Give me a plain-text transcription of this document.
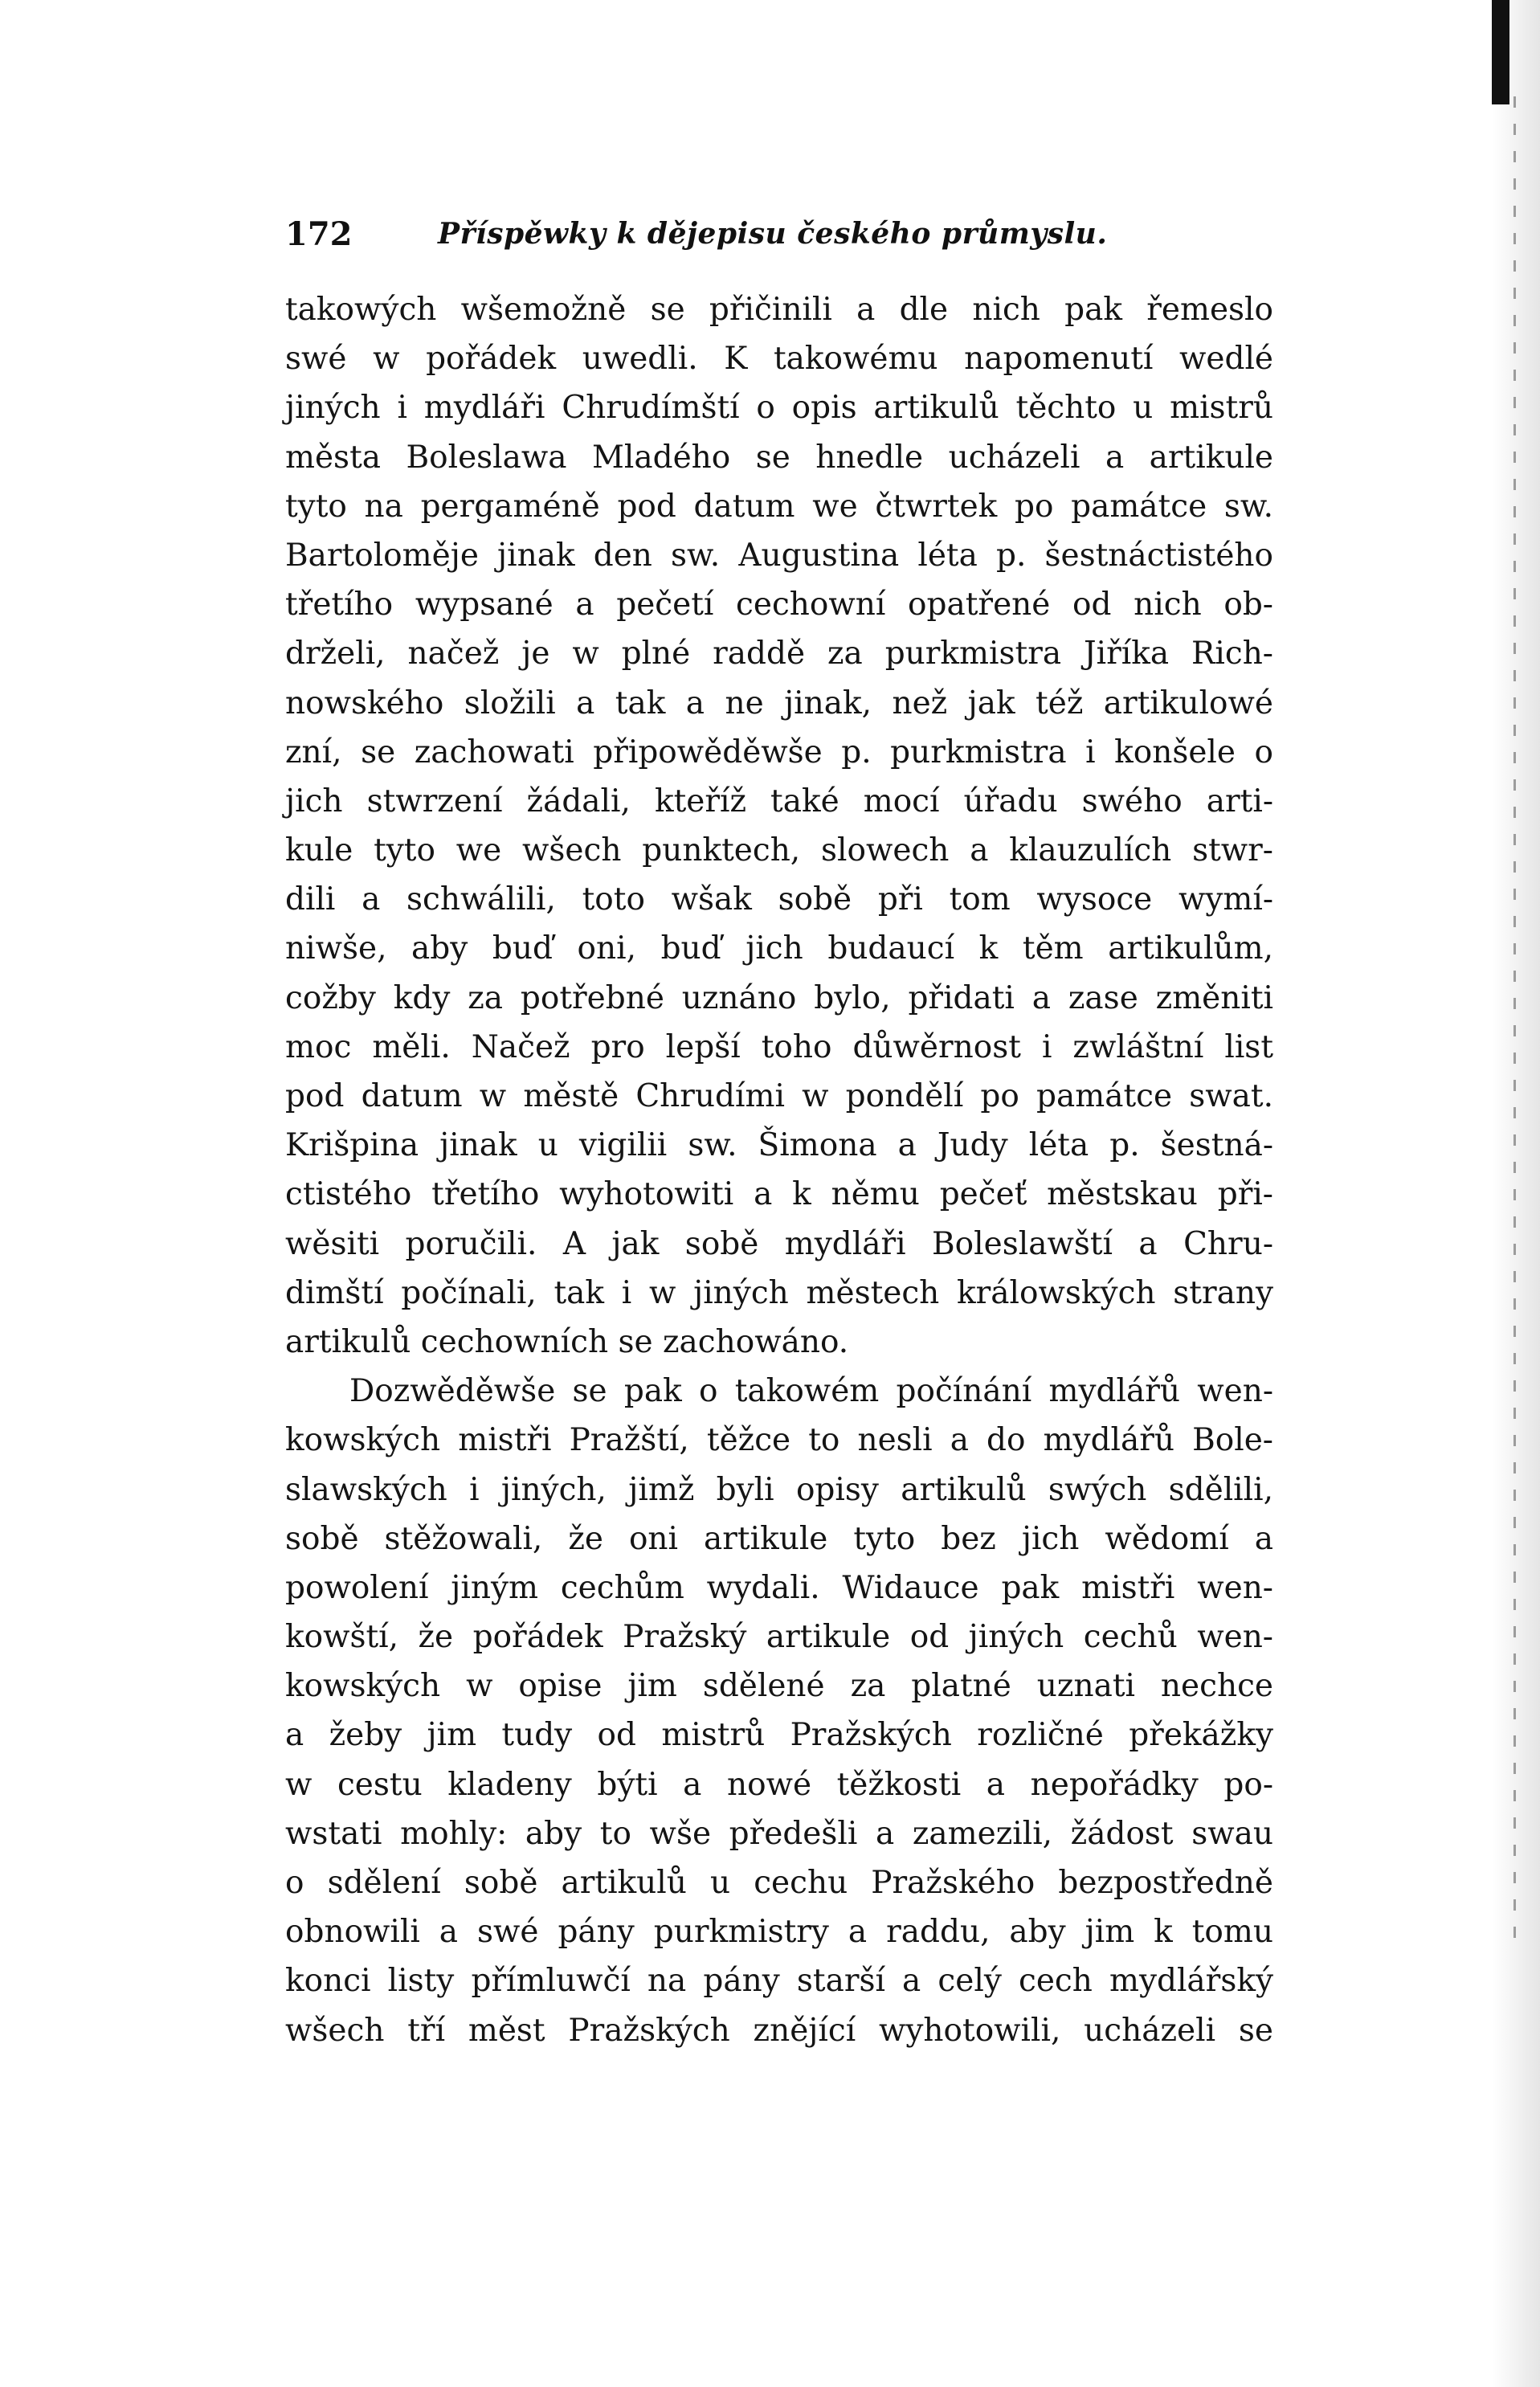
172	Příspěwky k dějepisu českého průmyslu.
takowých wšemožně se přičinili a dle nich pak řemeslo
swé w pořádek uwedli. K takowému napomenutí wedlé
jiných i mydláři Chrudímští o opis artikulů těchto u mistrů
města Boleslawa Mladého se hnedle ucházeli a artikule
tyto na pergaméně pod datum we čtwrtek po památce sw.
Bartoloměje jinak den sw. Augustina léta p. šestnáctistého
třetího wypsané a pečetí cechowní opatřené od nich ob-
drželi, načež je w plné raddě za purkmistra Jiříka Rich-
nowského složili a tak a ne jinak, než jak též artikulowé
zní, se zachowati připowěděwše p. purkmistra i konšele o
jich stwrzení žádali, kteříž také mocí úřadu swého arti-
kule tyto we wšech punktech, slowech a klauzulích stwr-
dili a schwálili, toto wšak sobě při tom wysoce wymí-
niwše, aby buď oni, buď jich budaucí k těm artikulům,
cožby kdy za potřebné uznáno bylo, přidati a zase změniti
moc měli. Načež pro lepší toho důwěrnost i zwláštní list
pod datum w městě Chrudími w pondělí po památce swat.
Krišpina jinak u vigilii sw. Šimona a Judy léta p. šestná-
ctistého třetího wyhotowiti a k němu pečeť městskau při-
wěsiti poručili. A jak sobě mydláři Boleslawští a Chru-
dimští počínali, tak i w jiných městech králowských strany
artikulů cechowních se zachowáno.
Dozwěděwše se pak o takowém počínání mydlářů wen-
kowských mistři Pražští, těžce to nesli a do mydlářů Bole-
slawských i jiných, jimž byli opisy artikulů swých sdělili,
sobě stěžowali, že oni artikule tyto bez jich wědomí a
powolení jiným cechům wydali. Widauce pak mistři wen-
kowští, že pořádek Pražský artikule od jiných cechů wen-
kowských w opise jim sdělené za platné uznati nechce
a žeby jim tudy od mistrů Pražských rozličné překážky
w cestu kladeny býti a nowé těžkosti a nepořádky po-
wstati mohly: aby to wše předešli a zamezili, žádost swau
o sdělení sobě artikulů u cechu Pražského bezpostředně
obnowili a swé pány purkmistry a raddu, aby jim k tomu
konci listy přímluwčí na pány starší a celý cech mydlářský
wšech tří měst Pražských znějící wyhotowili, ucházeli se
